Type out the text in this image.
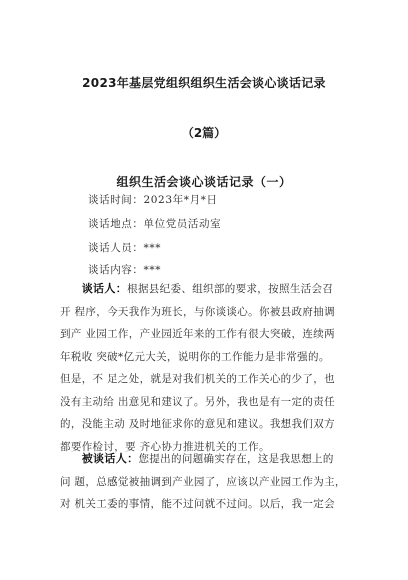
2023年基层党组织组织生活会谈心谈话记录
（2篇）
组织生活会谈心谈话记录（一）
谈话时间：2023年*月*日
谈话地点：单位党员活动室
谈话人员：***
谈话内容：***
　　谈话人：根据县纪委、组织部的要求，按照生活会召
开 程序，今天我作为班长，与你谈谈心。你被县政府抽调
到产 业园工作，产业园近年来的工作有很大突破，连续两
年税收 突破*亿元大关，说明你的工作能力是非常强的。
但是，不 足之处，就是对我们机关的工作关心的少了，也
没有主动给 出意见和建议了。另外，我也是有一定的责任
的，没能主动 及时地征求你的意见和建议。我想我们双方
都要作检讨，要 齐心协力推进机关的工作。
　　被谈话人：您提出的问题确实存在，这是我思想上的
问 题，总感觉被抽调到产业园了，应该以产业园工作为主，
对 机关工委的事情，能不过问就不过问。以后，我一定会
